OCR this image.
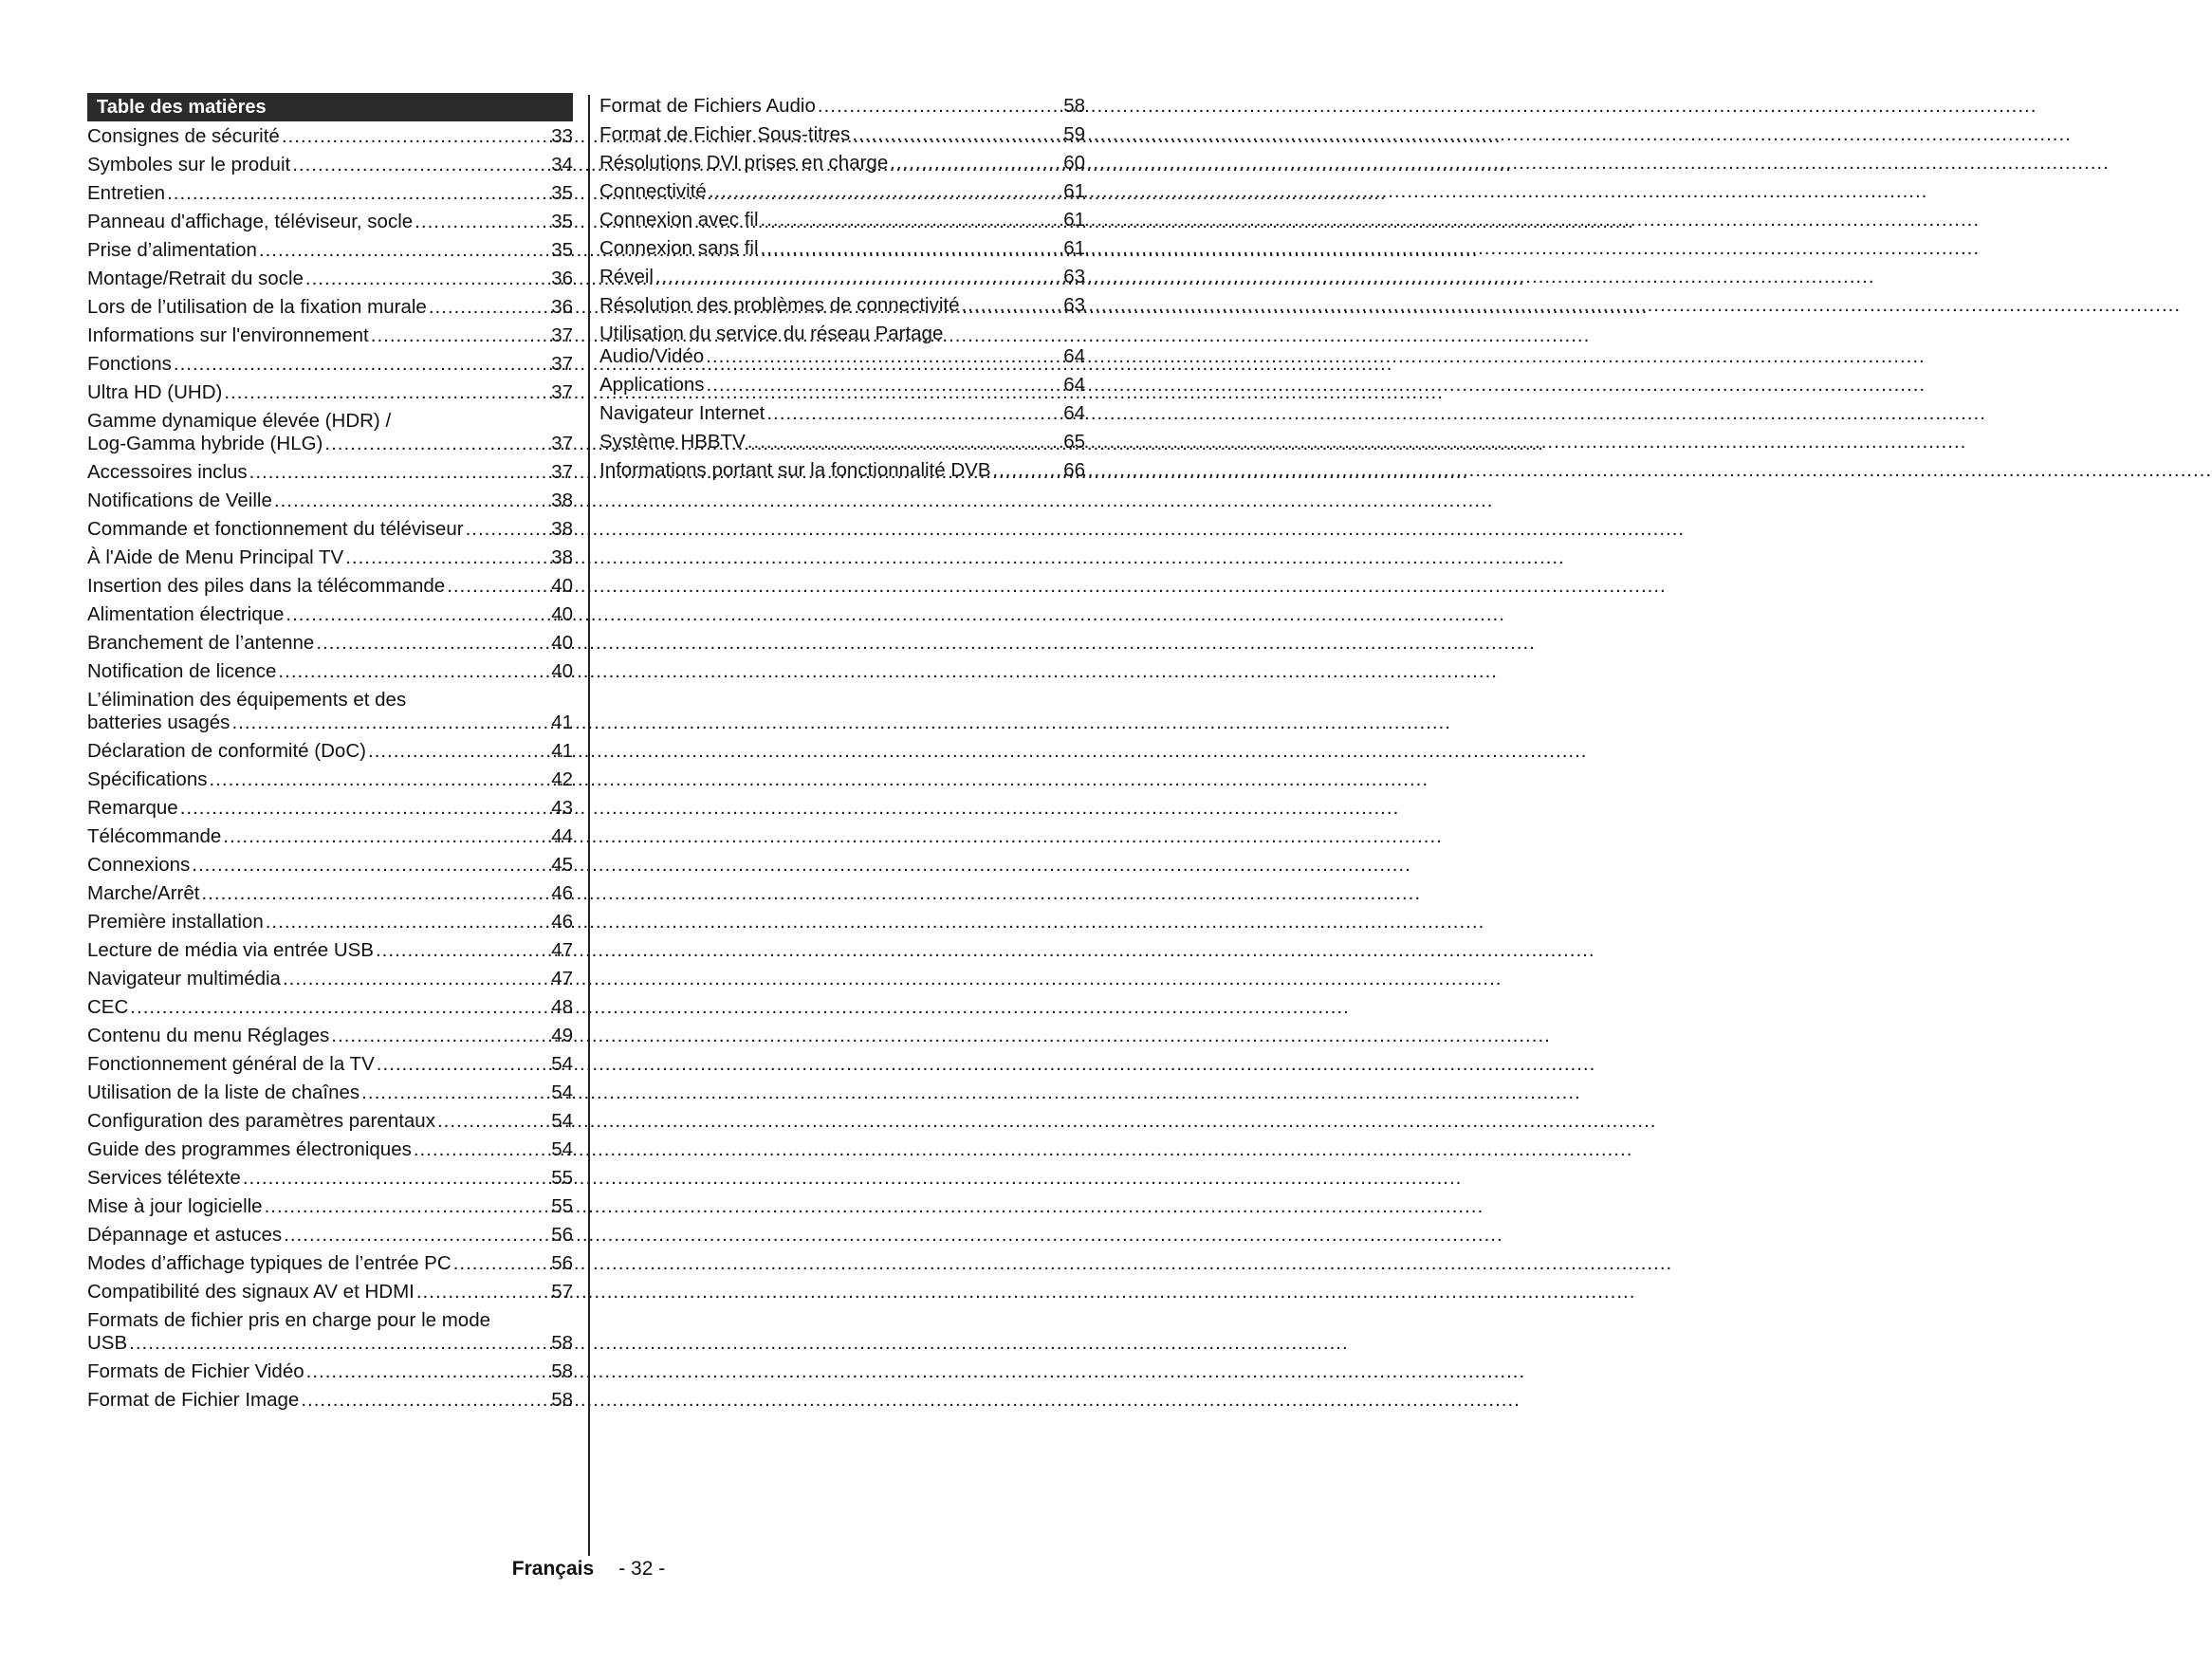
Table des matières
Consignes de sécurité .....	33
Symboles sur le produit .....	34
Entretien .....	35
Panneau d'affichage, téléviseur, socle .....	35
Prise d’alimentation .....	35
Montage/Retrait du socle .....	36
Lors de l’utilisation de la fixation murale .....	36
Informations sur l'environnement .....	37
Fonctions .....	37
Ultra HD (UHD) .....	37
Gamme dynamique élevée (HDR) /
Log-Gamma hybride (HLG) .....	37
Accessoires inclus .....	37
Notifications de Veille .....	38
Commande et fonctionnement du téléviseur .....	38
À l'Aide de Menu Principal TV .....	38
Insertion des piles dans la télécommande .....	40
Alimentation électrique .....	40
Branchement de l’antenne .....	40
Notification de licence .....	40
L’élimination des équipements et des
batteries usagés .....	41
Déclaration de conformité (DoC) .....	41
Spécifications .....	42
Remarque .....	43
Télécommande .....	44
Connexions .....	45
Marche/Arrêt .....	46
Première installation .....	46
Lecture de média via entrée USB .....	47
Navigateur multimédia .....	47
CEC .....	48
Contenu du menu Réglages .....	49
Fonctionnement général de la TV .....	54
Utilisation de la liste de chaînes .....	54
Configuration des paramètres parentaux .....	54
Guide des programmes électroniques .....	54
Services télétexte .....	55
Mise à jour logicielle .....	55
Dépannage et astuces .....	56
Modes d’affichage typiques de l’entrée PC .....	56
Compatibilité des signaux AV et HDMI .....	57
Formats de fichier pris en charge pour le mode
USB .....	58
Formats de Fichier Vidéo .....	58
Format de Fichier Image .....	58
Format de Fichiers Audio .....	58
Format de Fichier Sous-titres .....	59
Résolutions DVI prises en charge .....	60
Connectivité .....	61
Connexion avec fil .....	61
Connexion sans fil .....	61
Réveil .....	63
Résolution des problèmes de connectivité .....	63
Utilisation du service du réseau Partage
Audio/Vidéo .....	64
Applications .....	64
Navigateur Internet .....	64
Système HBBTV .....	65
Informations portant sur la fonctionnalité DVB .....	66
Français - 32 -
